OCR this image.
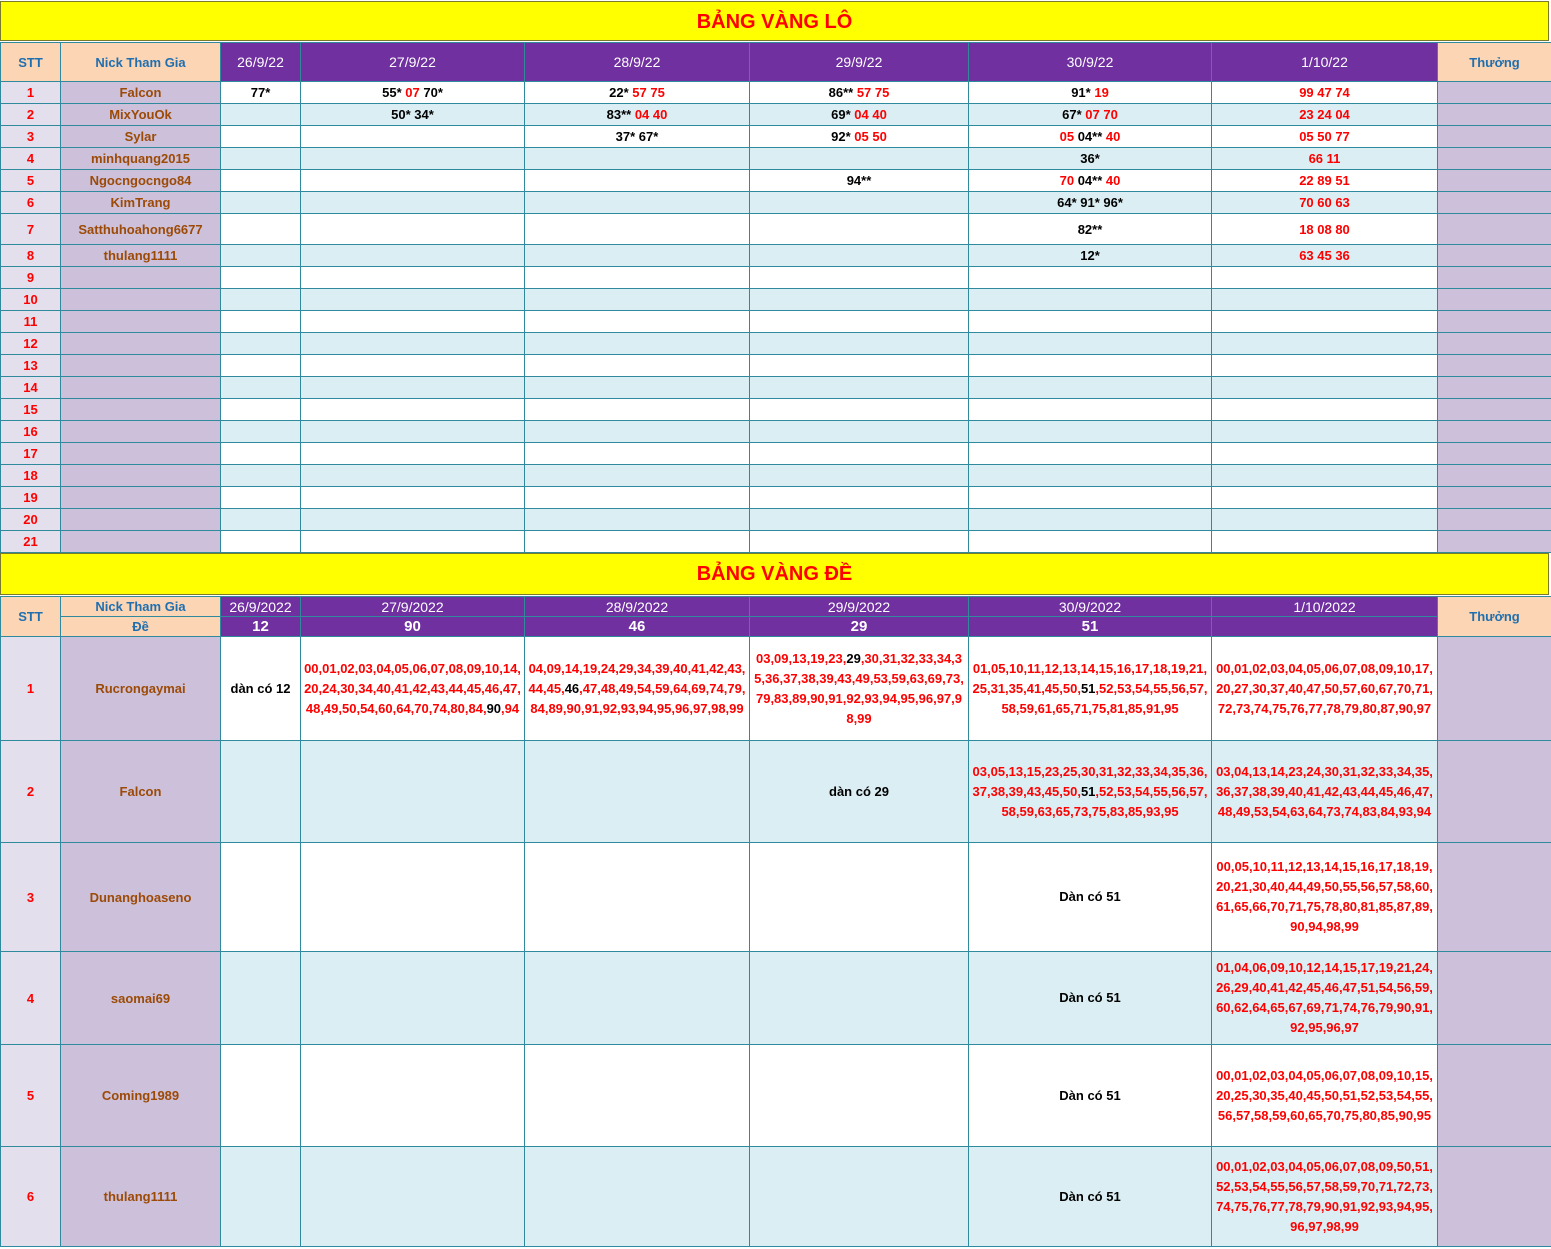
BẢNG VÀNG LÔ
STT	Nick Tham Gia	26/9/22	27/9/22	28/9/22	29/9/22	30/9/22	1/10/22	Thưởng
1	Falcon	77*	55* 07 70*	22* 57 75	86** 57 75	91* 19	99 47 74	
2	MixYouOk		50* 34*	83** 04 40	69* 04 40	67* 07 70	23 24 04	
3	Sylar			37* 67*	92* 05 50	05 04** 40	05 50 77	
4	minhquang2015					36*	66 11	
5	Ngocngocngo84				94**	70 04** 40	22 89 51	
6	KimTrang					64* 91* 96*	70 60 63	
7	Satthuhoahong6677					82**	18 08 80	
8	thulang1111					12*	63 45 36	
9								
10								
11								
12								
13								
14								
15								
16								
17								
18								
19								
20								
21								
BẢNG VÀNG ĐỀ
STT	Nick Tham Gia	26/9/2022	27/9/2022	28/9/2022	29/9/2022	30/9/2022	1/10/2022	Thưởng
	Đề	12	90	46	29	51		
1	Rucrongaymai	dàn có 12	00,01,02,03,04,05,06,07,08,09,10,14,20,24,30,34,40,41,42,43,44,45,46,47,48,49,50,54,60,64,70,74,80,84,90,94	04,09,14,19,24,29,34,39,40,41,42,43,44,45,46,47,48,49,54,59,64,69,74,79,84,89,90,91,92,93,94,95,96,97,98,99	03,09,13,19,23,29,30,31,32,33,34,35,36,37,38,39,43,49,53,59,63,69,73,79,83,89,90,91,92,93,94,95,96,97,98,99	01,05,10,11,12,13,14,15,16,17,18,19,21,25,31,35,41,45,50,51,52,53,54,55,56,57,58,59,61,65,71,75,81,85,91,95	00,01,02,03,04,05,06,07,08,09,10,17,20,27,30,37,40,47,50,57,60,67,70,71,72,73,74,75,76,77,78,79,80,87,90,97	
2	Falcon				dàn có 29	03,05,13,15,23,25,30,31,32,33,34,35,36,37,38,39,43,45,50,51,52,53,54,55,56,57,58,59,63,65,73,75,83,85,93,95	03,04,13,14,23,24,30,31,32,33,34,35,36,37,38,39,40,41,42,43,44,45,46,47,48,49,53,54,63,64,73,74,83,84,93,94	
3	Dunanghoaseno					Dàn có 51	00,05,10,11,12,13,14,15,16,17,18,19,20,21,30,40,44,49,50,55,56,57,58,60,61,65,66,70,71,75,78,80,81,85,87,89,90,94,98,99	
4	saomai69					Dàn có 51	01,04,06,09,10,12,14,15,17,19,21,24,26,29,40,41,42,45,46,47,51,54,56,59,60,62,64,65,67,69,71,74,76,79,90,91,92,95,96,97	
5	Coming1989					Dàn có 51	00,01,02,03,04,05,06,07,08,09,10,15,20,25,30,35,40,45,50,51,52,53,54,55,56,57,58,59,60,65,70,75,80,85,90,95	
6	thulang1111					Dàn có 51	00,01,02,03,04,05,06,07,08,09,50,51,52,53,54,55,56,57,58,59,70,71,72,73,74,75,76,77,78,79,90,91,92,93,94,95,96,97,98,99	
